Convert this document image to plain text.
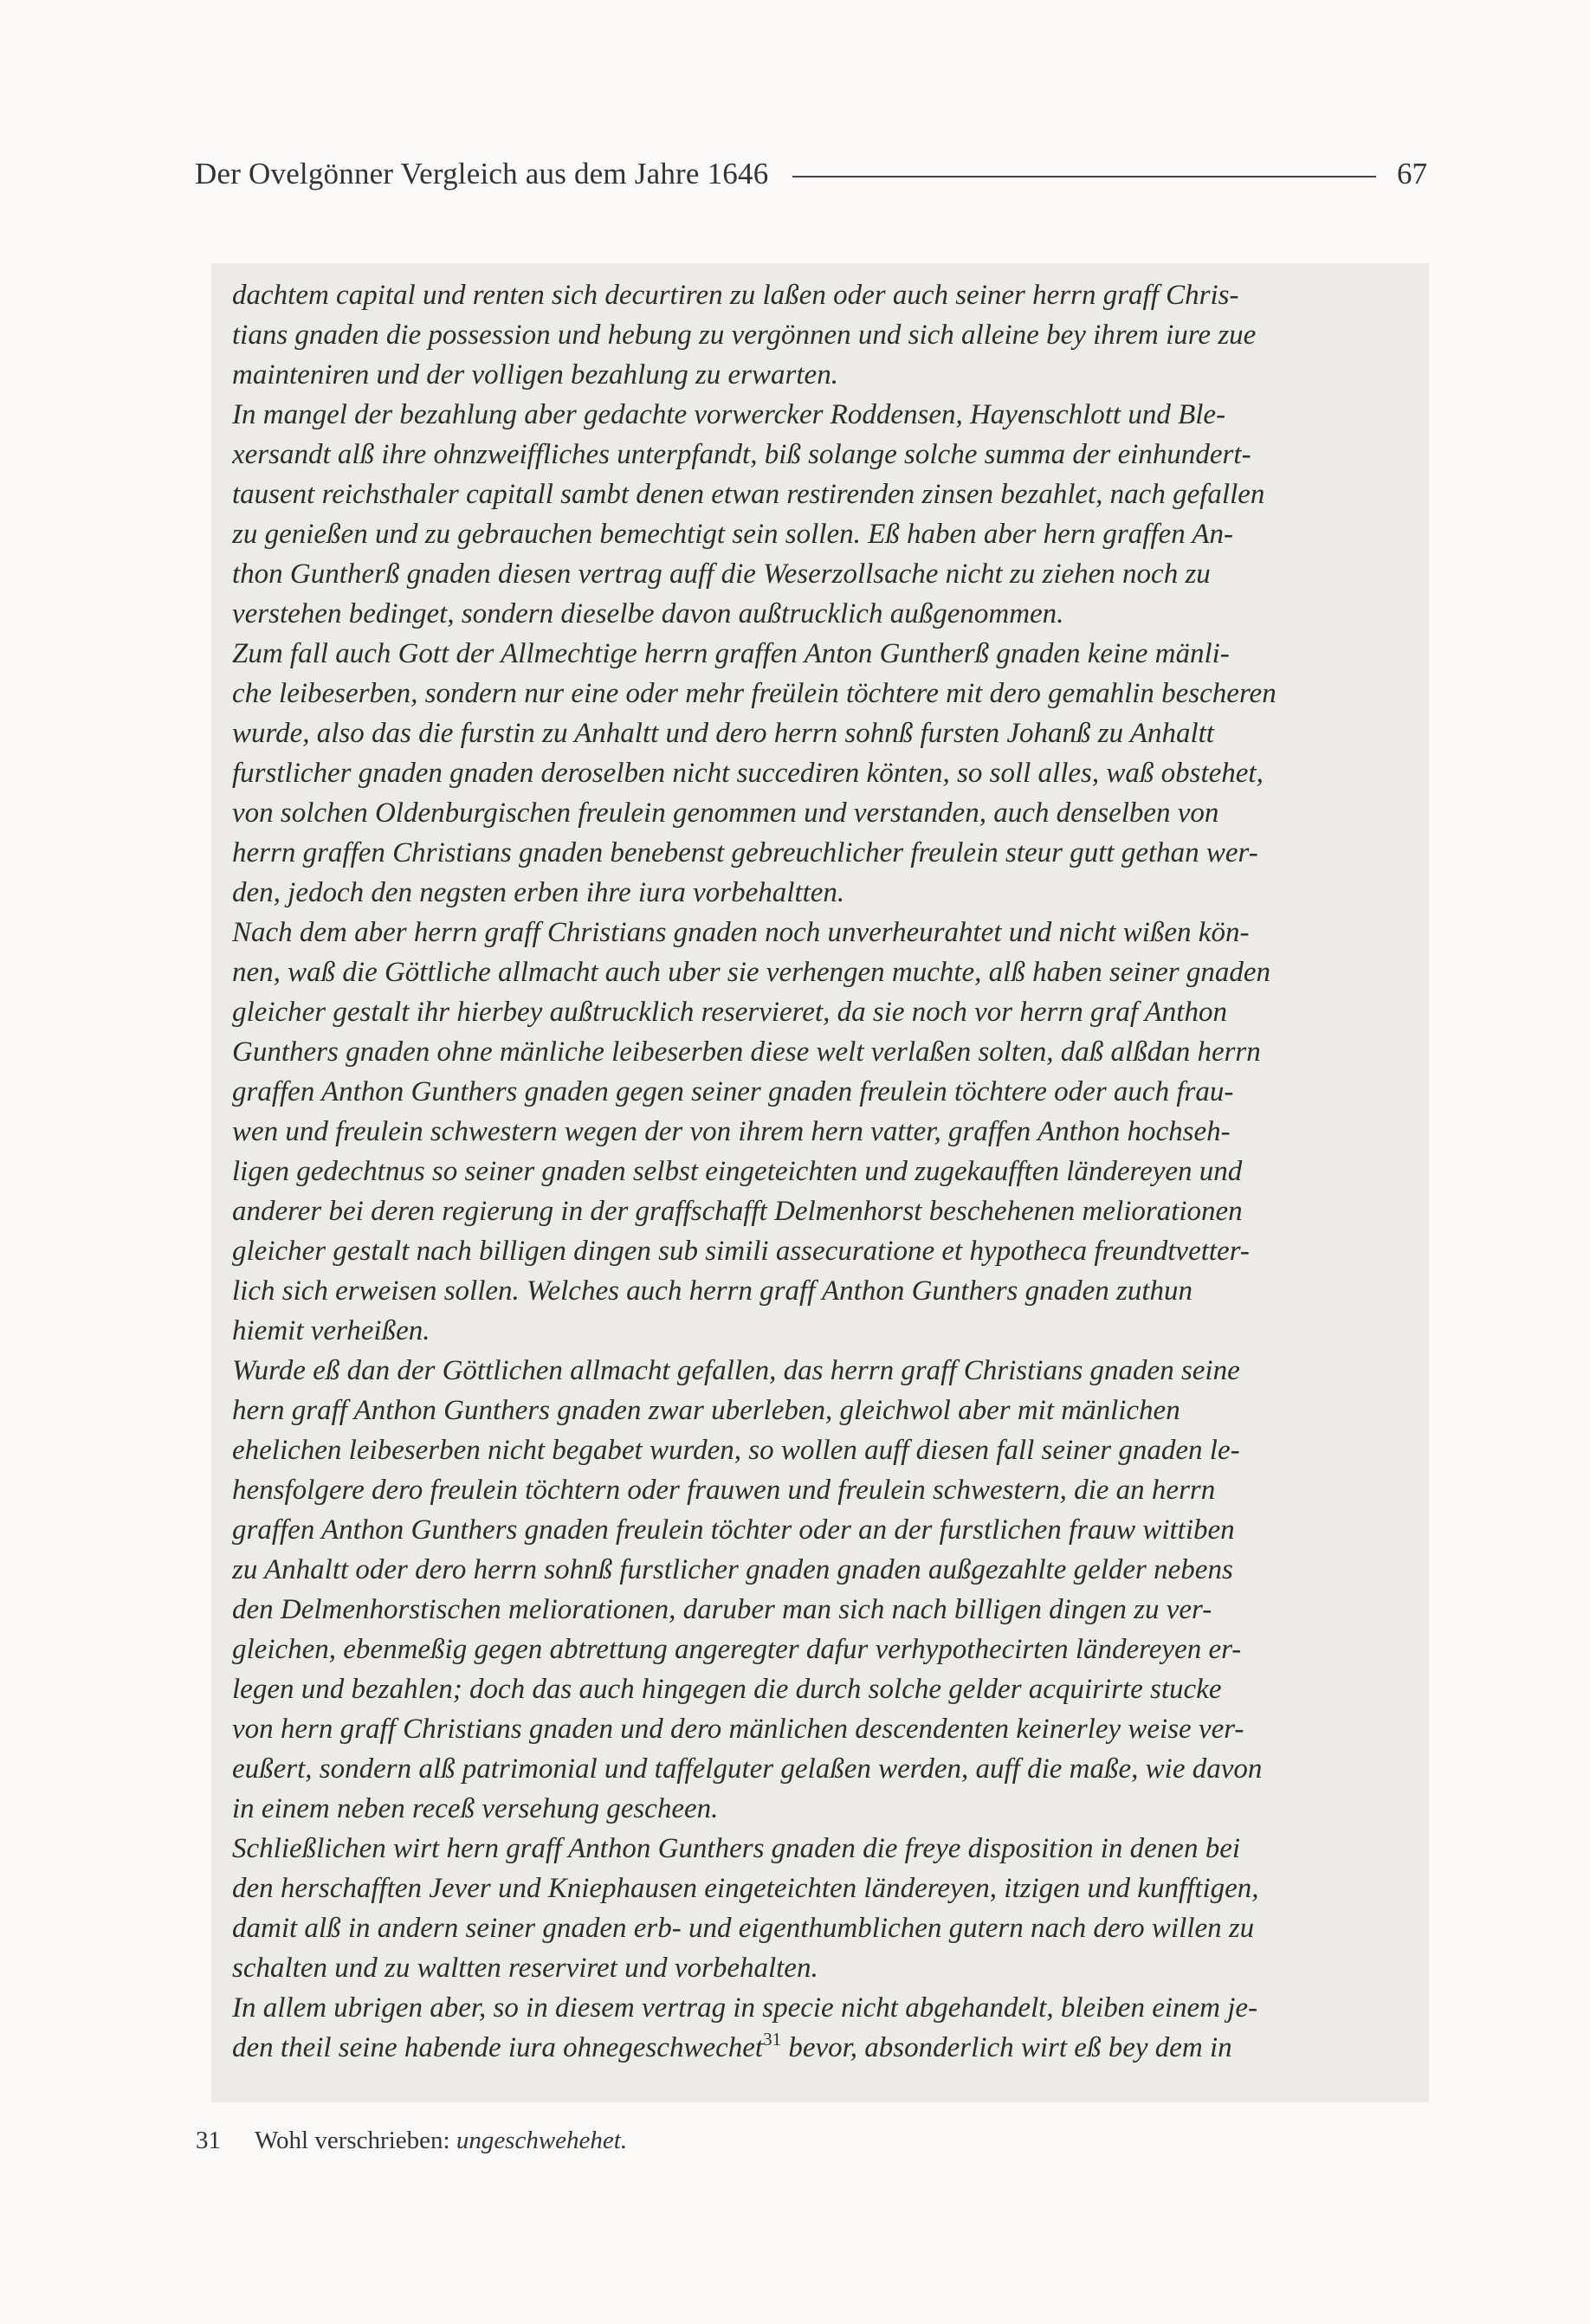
Der Ovelgönner Vergleich aus dem Jahre 1646	67
dachtem capital und renten sich decurtiren zu laßen oder auch seiner herrn graff Chris-
tians gnaden die possession und hebung zu vergönnen und sich alleine bey ihrem iure zue
mainteniren und der volligen bezahlung zu erwarten.
In mangel der bezahlung aber gedachte vorwercker Roddensen, Hayenschlott und Ble-
xersandt alß ihre ohnzweiffliches unterpfandt, biß solange solche summa der einhundert-
tausent reichsthaler capitall sambt denen etwan restirenden zinsen bezahlet, nach gefallen
zu genießen und zu gebrauchen bemechtigt sein sollen. Eß haben aber hern graffen An-
thon Guntherß gnaden diesen vertrag auff die Weserzollsache nicht zu ziehen noch zu
verstehen bedinget, sondern dieselbe davon außtrucklich außgenommen.
Zum fall auch Gott der Allmechtige herrn graffen Anton Guntherß gnaden keine mänli-
che leibeserben, sondern nur eine oder mehr freülein töchtere mit dero gemahlin bescheren
wurde, also das die furstin zu Anhaltt und dero herrn sohnß fursten Johanß zu Anhaltt
furstlicher gnaden gnaden deroselben nicht succediren könten, so soll alles, waß obstehet,
von solchen Oldenburgischen freulein genommen und verstanden, auch denselben von
herrn graffen Christians gnaden benebenst gebreuchlicher freulein steur gutt gethan wer-
den, jedoch den negsten erben ihre iura vorbehaltten.
Nach dem aber herrn graff Christians gnaden noch unverheurahtet und nicht wißen kön-
nen, waß die Göttliche allmacht auch uber sie verhengen muchte, alß haben seiner gnaden
gleicher gestalt ihr hierbey außtrucklich reservieret, da sie noch vor herrn graf Anthon
Gunthers gnaden ohne mänliche leibeserben diese welt verlaßen solten, daß alßdan herrn
graffen Anthon Gunthers gnaden gegen seiner gnaden freulein töchtere oder auch frau-
wen und freulein schwestern wegen der von ihrem hern vatter, graffen Anthon hochseh-
ligen gedechtnus so seiner gnaden selbst eingeteichten und zugekaufften ländereyen und
anderer bei deren regierung in der graffschafft Delmenhorst beschehenen meliorationen
gleicher gestalt nach billigen dingen sub simili assecuratione et hypotheca freundtvetter-
lich sich erweisen sollen. Welches auch herrn graff Anthon Gunthers gnaden zuthun
hiemit verheißen.
Wurde eß dan der Göttlichen allmacht gefallen, das herrn graff Christians gnaden seine
hern graff Anthon Gunthers gnaden zwar uberleben, gleichwol aber mit mänlichen
ehelichen leibeserben nicht begabet wurden, so wollen auff diesen fall seiner gnaden le-
hensfolgere dero freulein töchtern oder frauwen und freulein schwestern, die an herrn
graffen Anthon Gunthers gnaden freulein töchter oder an der furstlichen frauw wittiben
zu Anhaltt oder dero herrn sohnß furstlicher gnaden gnaden außgezahlte gelder nebens
den Delmenhorstischen meliorationen, daruber man sich nach billigen dingen zu ver-
gleichen, ebenmeßig gegen abtrettung angeregter dafur verhypothecirten ländereyen er-
legen und bezahlen; doch das auch hingegen die durch solche gelder acquirirte stucke
von hern graff Christians gnaden und dero mänlichen descendenten keinerley weise ver-
eußert, sondern alß patrimonial und taffelguter gelaßen werden, auff die maße, wie davon
in einem neben receß versehung gescheen.
Schließlichen wirt hern graff Anthon Gunthers gnaden die freye disposition in denen bei
den herschafften Jever und Kniephausen eingeteichten ländereyen, itzigen und kunfftigen,
damit alß in andern seiner gnaden erb- und eigenthumblichen gutern nach dero willen zu
schalten und zu waltten reserviret und vorbehalten.
In allem ubrigen aber, so in diesem vertrag in specie nicht abgehandelt, bleiben einem je-
den theil seine habende iura ohnegeschwechet$^{31}$ bevor, absonderlich wirt eß bey dem in
31 Wohl verschrieben: ungeschwehehet.
